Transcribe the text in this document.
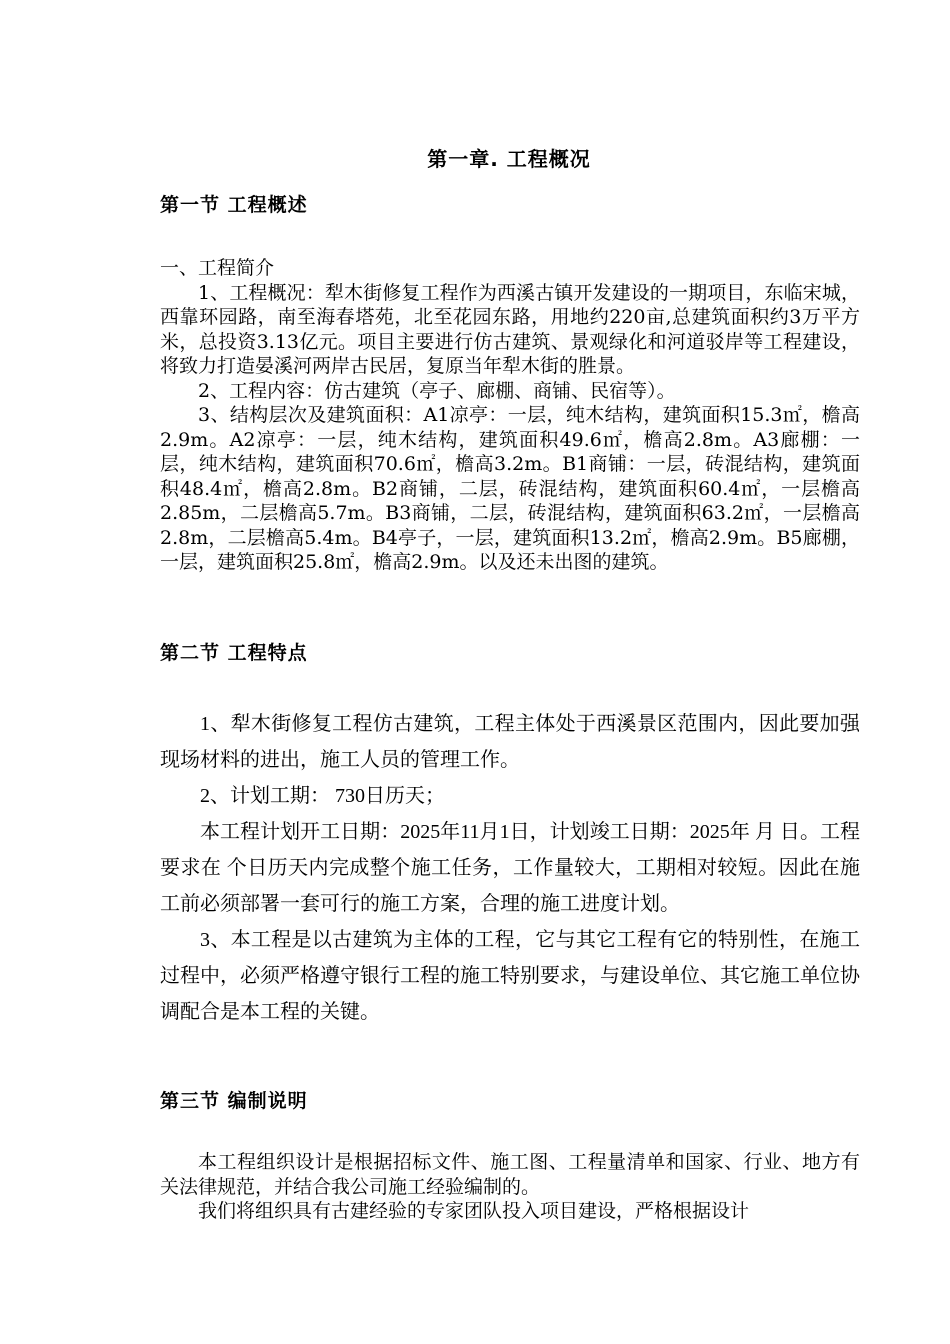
第一章. 工程概况
第一节 工程概述

一、工程简介

1、工程概况：犁木街修复工程作为西溪古镇开发建设的一期项目，东临宋城，西靠环园路，南至海春塔苑，北至花园东路，用地约220亩,总建筑面积约3万平方米，总投资3.13亿元。项目主要进行仿古建筑、景观绿化和河道驳岸等工程建设，将致力打造晏溪河两岸古民居，复原当年犁木街的胜景。

2、工程内容：仿古建筑（亭子、廊棚、商铺、民宿等）。

3、结构层次及建筑面积：A1凉亭：一层，纯木结构，建筑面积15.3㎡，檐高2.9m。A2凉亭：一层，纯木结构，建筑面积49.6㎡，檐高2.8m。A3廊棚：一层，纯木结构，建筑面积70.6㎡，檐高3.2m。B1商铺：一层，砖混结构，建筑面积48.4㎡，檐高2.8m。B2商铺，二层，砖混结构，建筑面积60.4㎡，一层檐高2.85m，二层檐高5.7m。B3商铺，二层，砖混结构，建筑面积63.2㎡，一层檐高2.8m，二层檐高5.4m。B4亭子，一层，建筑面积13.2㎡，檐高2.9m。B5廊棚，一层，建筑面积25.8㎡，檐高2.9m。以及还未出图的建筑。

第二节 工程特点

1、犁木街修复工程仿古建筑，工程主体处于西溪景区范围内，因此要加强现场材料的进出，施工人员的管理工作。

2、计划工期： 730日历天；

本工程计划开工日期：2025年11月1日，计划竣工日期：2025年 月 日。工程要求在 个日历天内完成整个施工任务，工作量较大，工期相对较短。因此在施工前必须部署一套可行的施工方案，合理的施工进度计划。

3、本工程是以古建筑为主体的工程，它与其它工程有它的特别性，在施工过程中，必须严格遵守银行工程的施工特别要求，与建设单位、其它施工单位协调配合是本工程的关键。

第三节 编制说明

本工程组织设计是根据招标文件、施工图、工程量清单和国家、行业、地方有关法律规范，并结合我公司施工经验编制的。

我们将组织具有古建经验的专家团队投入项目建设，严格根据设计
